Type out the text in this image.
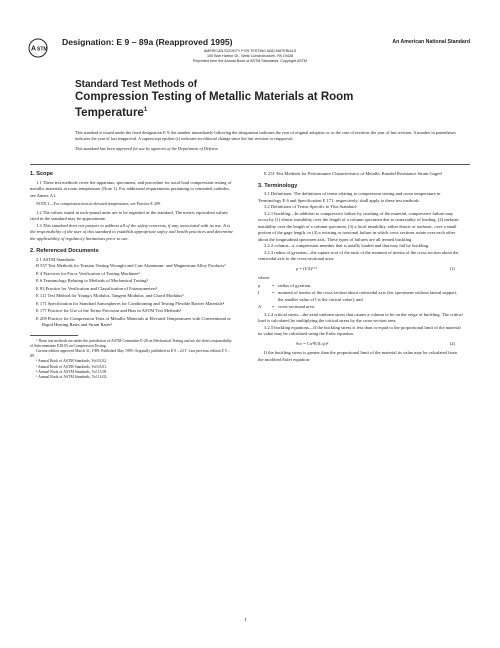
A STM
Designation: E 9 – 89a (Reapproved 1995)	An American National Standard
AMERICAN SOCIETY FOR TESTING AND MATERIALS
100 Barr Harbor Dr., West Conshohocken, PA 19428
Reprinted from the Annual Book of ASTM Standards. Copyright ASTM
Standard Test Methods of
Compression Testing of Metallic Materials at Room Temperature$^1$

This standard is issued under the fixed designation E 9; the number immediately following the designation indicates the year of original adoption or, in the case of revision, the year of last revision. A number in parentheses indicates the year of last reapproval. A superscript epsilon (ε) indicates an editorial change since the last revision or reapproval.

This standard has been approved for use by agencies of the Department of Defense.

1. Scope

1.1 These test methods cover the apparatus, specimens, and procedure for axial-load compression testing of metallic materials at room temperature (Note 1). For additional requirements pertaining to cemented carbides, see Annex A1.

NOTE 1—For compression tests at elevated temperatures, see Practice E 209.

1.2 The values stated in inch-pound units are to be regarded as the standard. The metric equivalent values cited in the standard may be approximate.

1.3 This standard does not purport to address all of the safety concerns, if any, associated with its use. It is the responsibility of the user of this standard to establish appropriate safety and health practices and determine the applicability of regulatory limitations prior to use.

2. Referenced Documents

2.1 ASTM Standards:

B 557 Test Methods for Tension Testing Wrought and Cast Aluminum- and Magnesium-Alloy Products²

E 4 Practices for Force Verification of Testing Machines³

E 6 Terminology Relating to Methods of Mechanical Testing³

E 83 Practice for Verification and Classification of Extensometers³

E 111 Test Method for Young's Modulus, Tangent Modulus, and Chord Modulus³

E 171 Specification for Standard Atmospheres for Conditioning and Testing Flexible Barrier Materials⁴

E 177 Practice for Use of the Terms Precision and Bias in ASTM Test Methods⁵

E 209 Practice for Compression Tests of Metallic Materials at Elevated Temperatures with Conventional or Rapid Heating Rates and Strain Rates³

¹ These test methods are under the jurisdiction of ASTM Committee E-28 on Mechanical Testing and are the direct responsibility of Subcommittee E28.05 on Compression Testing.

Current edition approved March 31, 1989. Published May 1989. Originally published as E 9 – 24 T. Last previous edition E 9 – 89.

² Annual Book of ASTM Standards, Vol 02.02.

³ Annual Book of ASTM Standards, Vol 03.01.

⁴ Annual Book of ASTM Standards, Vol 15.09.

⁵ Annual Book of ASTM Standards, Vol 14.02.

E 251 Test Methods for Performance Characteristics of Metallic Bonded Resistance Strain Gages³

3. Terminology

3.1 Definitions: The definitions of terms relating to compression testing and room temperature in Terminology E 6 and Specification E 171, respectively, shall apply to these test methods.

3.2 Definitions of Terms Specific to This Standard:

3.2.1 buckling—In addition to compressive failure by crushing of the material, compressive failure may occur by (1) elastic instability over the length of a column specimen due to nonaxiality of loading, (2) inelastic instability over the length of a column specimen, (3) a local instability, either elastic or inelastic, over a small portion of the gage length, or (4) a twisting or torsional failure in which cross sections rotate over each other about the longitudinal specimen axis. These types of failures are all termed buckling.

3.2.2 column—a compression member that is axially loaded and that may fail by buckling.

3.2.3 radius of gyration—the square root of the ratio of the moment of inertia of the cross section about the centroidal axis to the cross-sectional area:

ρ = (I/A)¹ᐟ²	(1)

where:

ρ	= radius of gyration,
I	= moment of inertia of the cross section about centroidal axis (for specimens without lateral support, the smaller value of I is the critical value), and
A	= cross-sectional area.

3.2.4 critical stress—the axial uniform stress that causes a column to be on the verge of buckling. The critical load is calculated by multiplying the critical stress by the cross-section area.

3.2.5 buckling equations—If the buckling stress is less than or equal to the proportional limit of the material its value may be calculated using the Euler equation:

Scr = Cπ²E/(L/ρ)²	(2)

If the buckling stress is greater than the proportional limit of the material its value may be calculated from the modified Euler equation:

1
